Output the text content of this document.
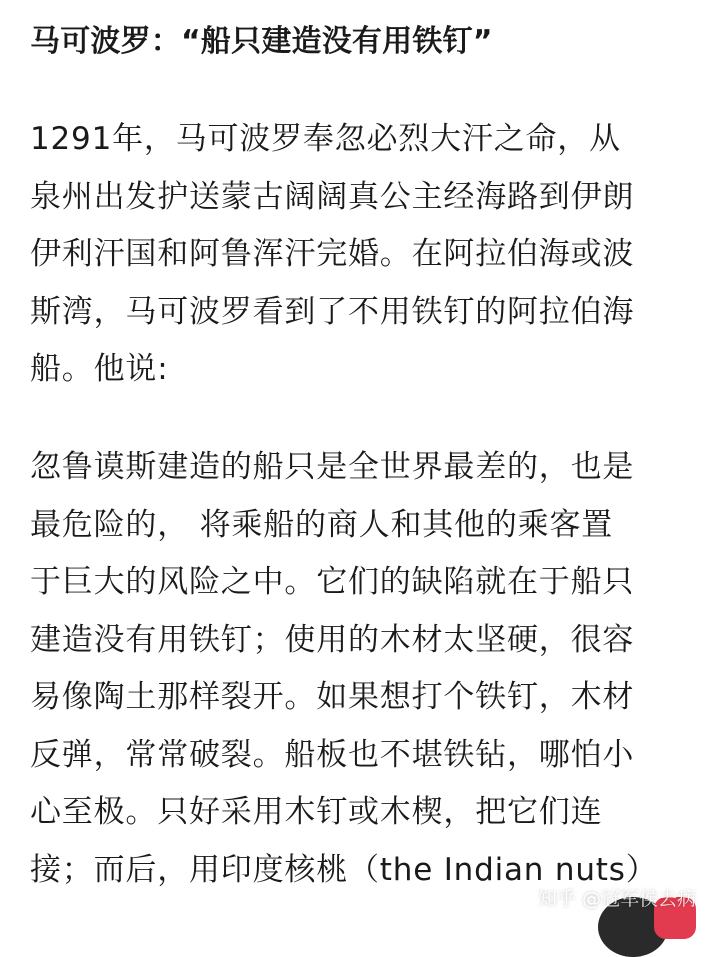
马可波罗：“船只建造没有用铁钉”

1291年，马可波罗奉忽必烈大汗之命，从
泉州出发护送蒙古阔阔真公主经海路到伊朗
伊利汗国和阿鲁浑汗完婚。在阿拉伯海或波
斯湾，马可波罗看到了不用铁钉的阿拉伯海
船。他说:

忽鲁谟斯建造的船只是全世界最差的，也是
最危险的， 将乘船的商人和其他的乘客置
于巨大的风险之中。它们的缺陷就在于船只
建造没有用铁钉；使用的木材太坚硬，很容
易像陶土那样裂开。如果想打个铁钉，木材
反弹，常常破裂。船板也不堪铁钻，哪怕小
心至极。只好采用木钉或木楔，把它们连
接；而后，用印度核桃（the Indian nuts）

知乎 @冠军侯去病
